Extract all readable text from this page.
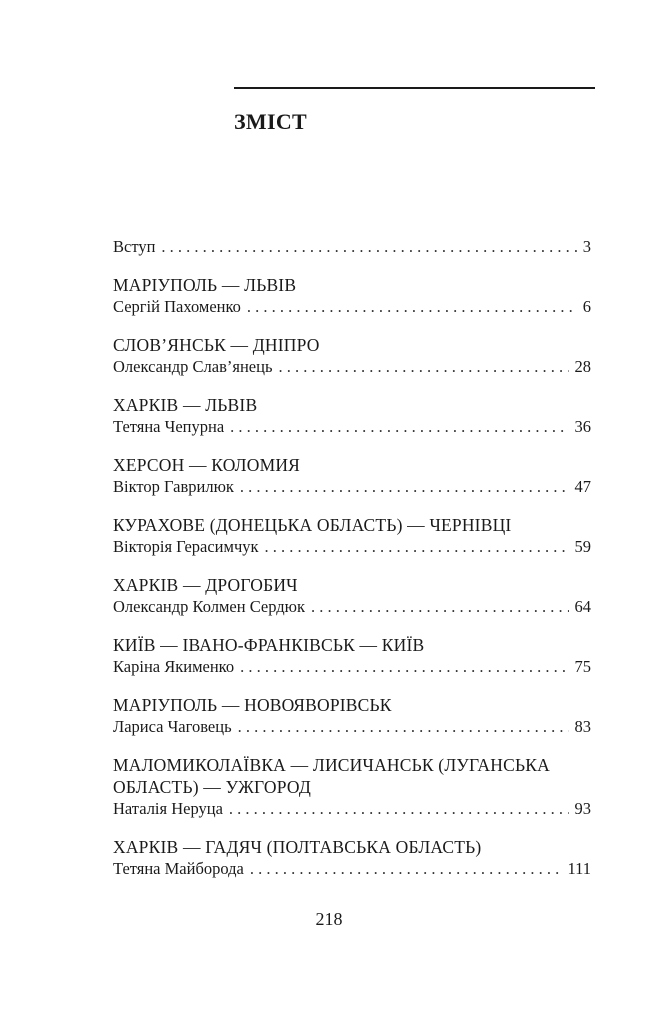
ЗМІСТ
Вступ . . .	3
МАРІУПОЛЬ — ЛЬВІВ
Сергій Пахоменко . . .	6
СЛОВ’ЯНСЬК — ДНІПРО
Олександр Слав’янець . . .	28
ХАРКІВ — ЛЬВІВ
Тетяна Чепурна . . .	36
ХЕРСОН — КОЛОМИЯ
Віктор Гаврилюк . . .	47
КУРАХОВЕ (ДОНЕЦЬКА ОБЛАСТЬ) — ЧЕРНІВЦІ
Вікторія Герасимчук . . .	59
ХАРКІВ — ДРОГОБИЧ
Олександр Колмен Сердюк . . .	64
КИЇВ — ІВАНО-ФРАНКІВСЬК — КИЇВ
Каріна Якименко . . .	75
МАРІУПОЛЬ — НОВОЯВОРІВСЬК
Лариса Чаговець . . .	83
МАЛОМИКОЛАЇВКА — ЛИСИЧАНСЬК (ЛУГАНСЬКА
ОБЛАСТЬ) — УЖГОРОД
Наталія Неруца . . .	93
ХАРКІВ — ГАДЯЧ (ПОЛТАВСЬКА ОБЛАСТЬ)
Тетяна Майборода . . .	111
218
